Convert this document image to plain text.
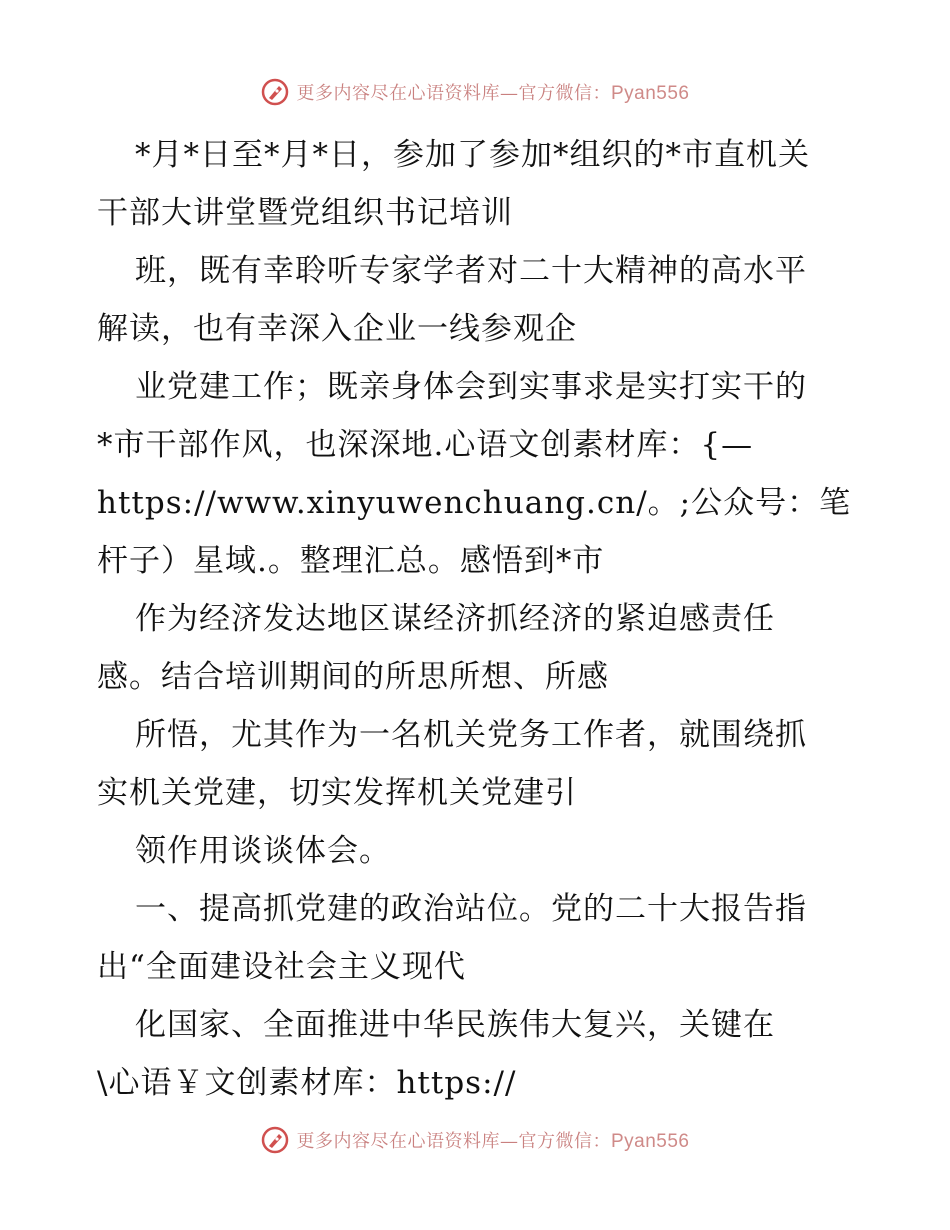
更多内容尽在心语资料库—官方微信：Pyan556
*月*日至*月*日，参加了参加*组织的*市直机关
干部大讲堂暨党组织书记培训
班，既有幸聆听专家学者对二十大精神的高水平
解读，也有幸深入企业一线参观企
业党建工作；既亲身体会到实事求是实打实干的
*市干部作风，也深深地.心语文创素材库：{—
https://www.xinyuwenchuang.cn/。;公众号：笔
杆子）星域.。整理汇总。感悟到*市
作为经济发达地区谋经济抓经济的紧迫感责任
感。结合培训期间的所思所想、所感
所悟，尤其作为一名机关党务工作者，就围绕抓
实机关党建，切实发挥机关党建引
领作用谈谈体会。
一、提高抓党建的政治站位。党的二十大报告指
出“全面建设社会主义现代
化国家、全面推进中华民族伟大复兴，关键在
\心语￥文创素材库：https://
更多内容尽在心语资料库—官方微信：Pyan556
